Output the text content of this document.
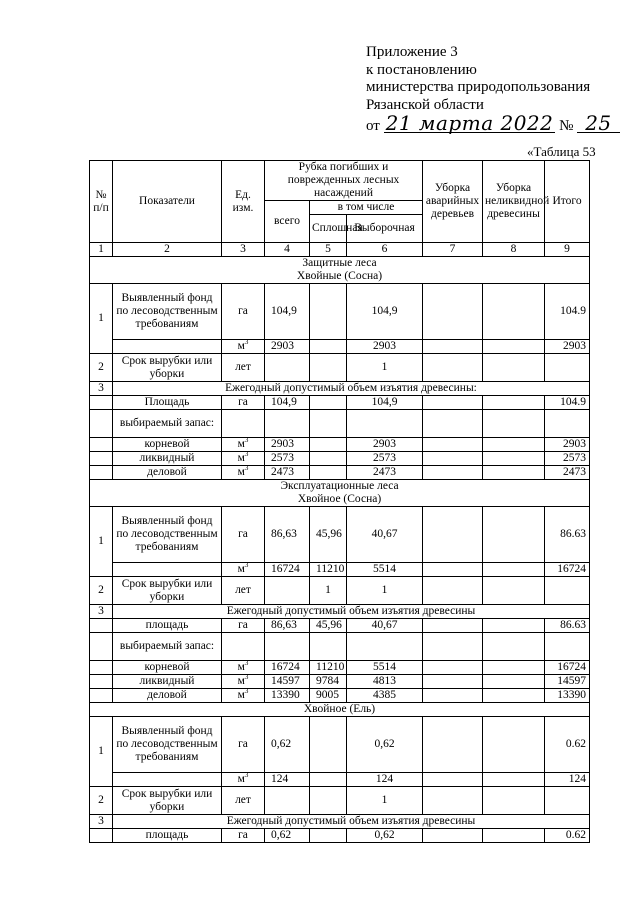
Приложение 3
к постановлению
министерства природопользования
Рязанской области
от 21 марта 2022 № 25
«Таблица 53
№ п/п	Показатели	Ед. изм.	Рубка погибших и поврежденных лесных насаждений			Уборка аварийных деревьев	Уборка неликвидной древесины	Итого
			всего	в том числе				
				Сплошная	Выборочная			
1	2	3	4	5	6	7	8	9

Защитные леса
Хвойные (Сосна)								

1	Выявленный фонд по лесоводственным требованиям	га	104,9		104,9			104.9
		$м^3$	2903		2903			2903
2	Срок вырубки или уборки	лет			1			
3	Ежегодный допустимый объем изъятия древесины:							
	Площадь	га	104,9		104,9			104.9
	выбираемый запас:							
	корневой	$м^3$	2903		2903			2903
	ликвидный	$м^3$	2573		2573			2573
	деловой	$м^3$	2473		2473			2473

Эксплуатационные леса
Хвойное (Сосна)								

1	Выявленный фонд по лесоводственным требованиям	га	86,63	45,96	40,67			86.63
		$м^3$	16724	11210	5514			16724
2	Срок вырубки или уборки	лет		1	1			
3	Ежегодный допустимый объем изъятия древесины							
	площадь	га	86,63	45,96	40,67			86.63
	выбираемый запас:							
	корневой	$м^3$	16724	11210	5514			16724
	ликвидный	$м^3$	14597	9784	4813			14597
	деловой	$м^3$	13390	9005	4385			13390
Хвойное (Ель)								
1	Выявленный фонд по лесоводственным требованиям	га	0,62		0,62			0.62
		$м^3$	124		124			124
2	Срок вырубки или уборки	лет			1			
3	Ежегодный допустимый объем изъятия древесины							
	площадь	га	0,62		0,62			0.62
